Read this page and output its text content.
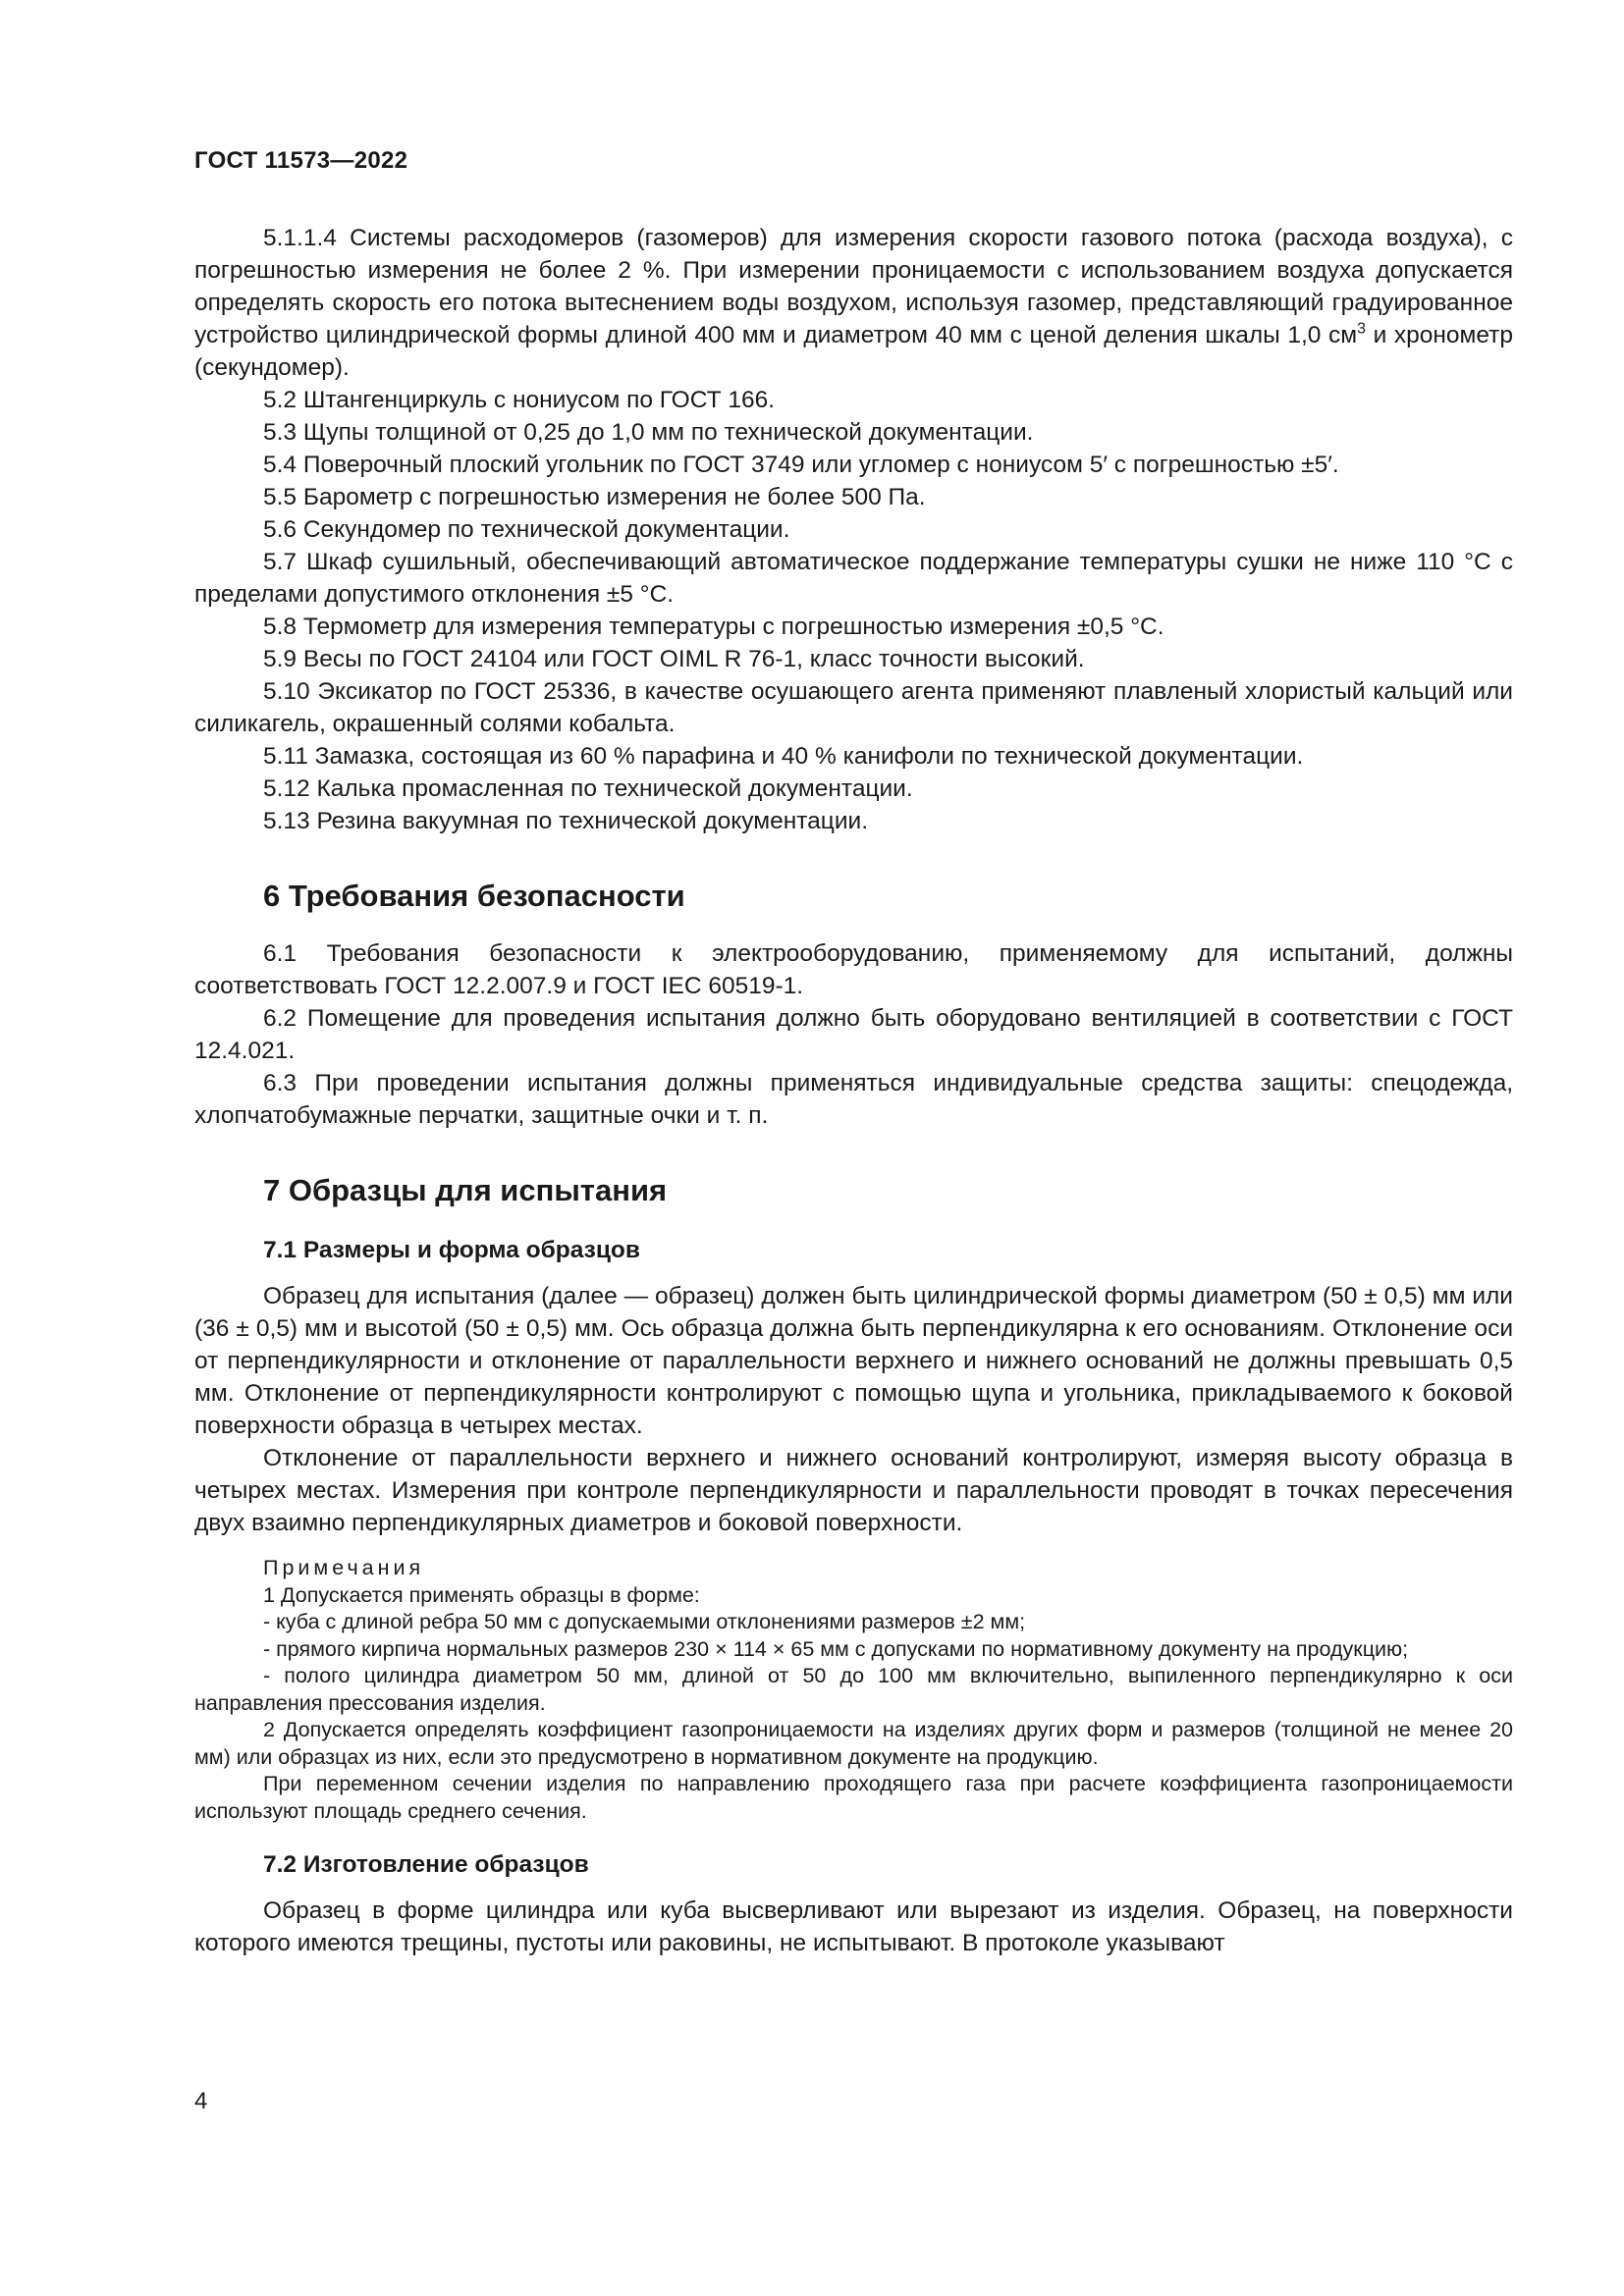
ГОСТ 11573—2022

5.1.1.4 Системы расходомеров (газомеров) для измерения скорости газового потока (расхода воздуха), с погрешностью измерения не более 2 %. При измерении проницаемости с использованием воздуха допускается определять скорость его потока вытеснением воды воздухом, используя газомер, представляющий градуированное устройство цилиндрической формы длиной 400 мм и диаметром 40 мм с ценой деления шкалы 1,0 $см^3$ и хронометр (секундомер).

5.2 Штангенциркуль с нониусом по ГОСТ 166.

5.3 Щупы толщиной от 0,25 до 1,0 мм по технической документации.

5.4 Поверочный плоский угольник по ГОСТ 3749 или угломер с нониусом 5′ с погрешностью ±5′.

5.5 Барометр с погрешностью измерения не более 500 Па.

5.6 Секундомер по технической документации.

5.7 Шкаф сушильный, обеспечивающий автоматическое поддержание температуры сушки не ниже 110 °С с пределами допустимого отклонения ±5 °С.

5.8 Термометр для измерения температуры с погрешностью измерения ±0,5 °С.

5.9 Весы по ГОСТ 24104 или ГОСТ OIML R 76-1, класс точности высокий.

5.10 Эксикатор по ГОСТ 25336, в качестве осушающего агента применяют плавленый хлористый кальций или силикагель, окрашенный солями кобальта.

5.11 Замазка, состоящая из 60 % парафина и 40 % канифоли по технической документации.

5.12 Калька промасленная по технической документации.

5.13 Резина вакуумная по технической документации.

6 Требования безопасности

6.1 Требования безопасности к электрооборудованию, применяемому для испытаний, должны соответствовать ГОСТ 12.2.007.9 и ГОСТ IEC 60519-1.

6.2 Помещение для проведения испытания должно быть оборудовано вентиляцией в соответствии с ГОСТ 12.4.021.

6.3 При проведении испытания должны применяться индивидуальные средства защиты: спецодежда, хлопчатобумажные перчатки, защитные очки и т. п.

7 Образцы для испытания
7.1 Размеры и форма образцов

Образец для испытания (далее — образец) должен быть цилиндрической формы диаметром (50 ± 0,5) мм или (36 ± 0,5) мм и высотой (50 ± 0,5) мм. Ось образца должна быть перпендикулярна к его основаниям. Отклонение оси от перпендикулярности и отклонение от параллельности верхнего и нижнего оснований не должны превышать 0,5 мм. Отклонение от перпендикулярности контролируют с помощью щупа и угольника, прикладываемого к боковой поверхности образца в четырех местах.

Отклонение от параллельности верхнего и нижнего оснований контролируют, измеряя высоту образца в четырех местах. Измерения при контроле перпендикулярности и параллельности проводят в точках пересечения двух взаимно перпендикулярных диаметров и боковой поверхности.

Примечания

1 Допускается применять образцы в форме:

- куба с длиной ребра 50 мм с допускаемыми отклонениями размеров ±2 мм;

- прямого кирпича нормальных размеров 230 × 114 × 65 мм с допусками по нормативному документу на продукцию;

- полого цилиндра диаметром 50 мм, длиной от 50 до 100 мм включительно, выпиленного перпендикулярно к оси направления прессования изделия.

2 Допускается определять коэффициент газопроницаемости на изделиях других форм и размеров (толщиной не менее 20 мм) или образцах из них, если это предусмотрено в нормативном документе на продукцию.

При переменном сечении изделия по направлению проходящего газа при расчете коэффициента газопроницаемости используют площадь среднего сечения.

7.2 Изготовление образцов

Образец в форме цилиндра или куба высверливают или вырезают из изделия. Образец, на поверхности которого имеются трещины, пустоты или раковины, не испытывают. В протоколе указывают

4
